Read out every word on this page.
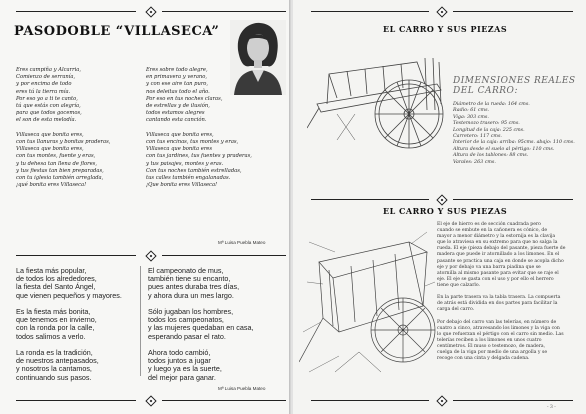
PASODOBLE “VILLASECA”
Eres campiña y Alcarria,
Comienzo de serranía,
y por encima de todo
eres tú la tierra mía.
Por eso yo a ti te canto,
tú que estás con alegría,
para que todos gocemos,
el son de esta melodía.

Villaseca que bonita eres,
con tus llanuras y bonitas praderas,
Villaseca que bonita eres,
con tus montes, fuente y eras,
y tu dehesa tan llena de flores,
y tus fiestas tan bien preparadas,
con tu iglesia también arreglada,
¡qué bonita eres Villaseca!
Eres sobre todo alegre,
en primavera y verano,
y con ese aire tan puro,
nos deleitas todo el año.
Por eso en tus noches claras,
de estrellas y de ilusión,
todos estamos alegres
cantando esta canción.

Villaseca que bonita eres,
con tus encinas, tus montes y eras,
Villaseca que bonita eres
con tus jardines, tus fuentes y praderas,
y tus paisajes, montes y eras.
Con tus noches también estrelladas,
tus calles también engalanadas.
¡Que bonita eres Villaseca!
Mª Luisa Puebla Mateo
La fiesta más popular,
de todos los alrededores,
la fiesta del Santo Ángel,
que vienen pequeños y mayores.

Es la fiesta más bonita,
que tenemos en invierno,
con la ronda por la calle,
todos salimos a verlo.

La ronda es la tradición,
de nuestros antepasados,
y nosotros la cantamos,
continuando sus pasos.
El campeonato de mus,
también tiene su encanto,
pues antes duraba tres días,
y ahora dura un mes largo.

Sólo jugaban los hombres,
todos los campeonatos,
y las mujeres quedaban en casa,
esperando pasar el rato.

Ahora todo cambió,
todos juntos a jugar
y luego ya es la suerte,
del mejor para ganar.
Mª Luisa Puebla Mateo
EL CARRO Y SUS PIEZAS
DIMENSIONES REALES
DEL CARRO:
Diámetro de la rueda: 164 cms.
Radio: 61 cms.
Viga: 303 cms.
Testemozo trasero: 95 cms.
Longitud de la caja: 225 cms.
Carretero: 117 cms.
Interior de la caja: arriba: 95cms. abajo: 110 cms.
Altura desde el suelo al pértigo: 110 cms.
Altura de los tablones: 88 cms.
Varales: 263 cms.
EL CARRO Y SUS PIEZAS
El eje de hierro es de sección cuadrada pero
cuando se embute en la cañonera es cónico, de
mayor a menor diámetro y la estornija es la clavija
que lo atraviesa en su extremo para que no salga la
rueda. El eje (pieza debajo del pasante, pieza fuerte de
madera que puede ir atornillado a los limones. En el
pasante se practica una caja en donde se acopla dicho
eje y por debajo va una barra piadina que se
atornilla al mismo pasante para evitar que se raje el
eje. El eje se gasta con el uso y por ello el herrero
tiene que calzarlo.

En la parte trasera va la tabla trasera. La compuerta
de atrás está dividida en dos partes para facilitar la
carga del carro.

Por debajo del carro van las telerías, en número de
cuatro a cinco, atravesando los limones y la viga con
lo que refuerzan el pértigo con el carro sin medio. Las
telerías reciben a los limones en unos cuatro
centímetros. El muso o testemozo, de madera,
cuelga de la viga por medio de una argolla y se
recoge con una cinta y delgada cadena.
- 3 -
